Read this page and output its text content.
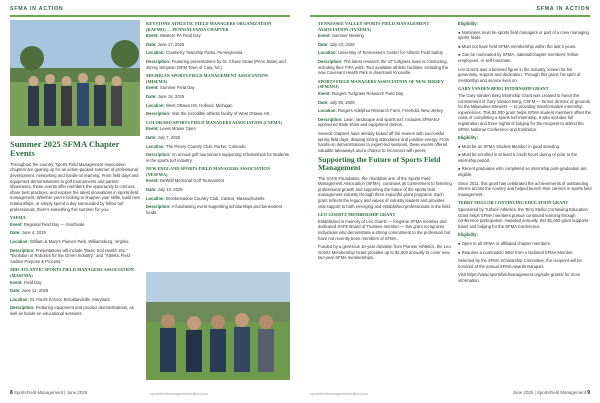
SFMA IN ACTION
Summer 2025 SFMA Chapter Events

Throughout the country, Sports Field Management Association chapters are gearing up for an action-packed summer of professional development, networking and hands-on learning. From field days and equipment demonstrations to golf tournaments and partner showcases, these events offer members the opportunity to connect, share best practices, and explore the latest innovations in sports field management. Whether you're looking to sharpen your skills, build new relationships, or simply spend a day surrounded by fellow turf professionals, there's something this summer for you.

VSFMA

Event: Regional Field Day — Southside

Date: June 4, 2025

Location: William & Mary's Plumeri Park, Williamsburg, Virginia

Description: Presentations will include "Basic Soil Health 101," "Evolution of Robotics for the Green Industry," and "Athletic Field Auditor Purpose & Process."

MID-ATLANTIC SPORTS FIELD MANAGERS ASSOCIATION (MASFMA)

Event: Field Day

Date: June 12, 2025

Location: St. Paul's School, Brooklandville, Maryland

Description: Featuring equipment and product demonstrations, as well as hands-on educational sessions.

KEYSTONE ATHLETIC FIELD MANAGERS ORGANIZATION (KAFMO) — PENNSYLVANIA CHAPTER

Event: Western PA Field Day

Date: June 17, 2025

Location: Cranberry Township Parks, Pennsylvania

Description: Featuring presentations by Dr. Chase Straw (Penn State) and Jimmy Simpson (SFM Town of Cary, NC).

MICHIGAN SPORTS FIELD MANAGEMENT ASSOCIATION (MISFMA)

Event: Summer Field Day

Date: June 18, 2025

Location: West Ottawa HS, Holland, Michigan

Description: Visit the incredible athletic facility of West Ottawa HS.

COLORADO SPORTS FIELD MANAGERS ASSOCIATION (CSFMA)

Event: Lewis Mower Open

Date: July 7, 2025

Location: The Pinery Country Club, Parker, Colorado

Description: An annual golf tournament supporting scholarships for students in the sports turf industry.

NEW ENGLAND SPORTS FIELD MANAGERS ASSOCIATION (NESFMA)

Event: DeWolf Memorial Golf Tournament

Date: July 10, 2025

Location: Brookmeadow Country Club, Canton, Massachusetts

Description: A fundraising event supporting scholarships and benevolent funds.

8 SportsField Management | June 2025	sportsfieldmanagementonline.com
SFMA IN ACTION
TENNESSEE VALLEY SPORTS FIELD MANAGEMENT ASSOCIATION (TVSFMA)

Event: Summer Meeting

Date: July 23, 2025

Location: University of Tennessee's Center for Athletic Field Safety

Description: The latest research the UT turfgrass team is conducting, including their FIFA work. Tour available athletic facilities, including the new Covenant Health Park in downtown Knoxville.

SPORTS FIELD MANAGERS ASSOCIATION OF NEW JERSEY (SFMANJ)

Event: Rutgers Turfgrass Research Field Day

Date: July 30, 2025

Location: Rutgers Adelphia Research Farm, Freehold, New Jersey

Description: Lawn, landscape and sports turf. Includes SFMANJ-sponsored trade show and equipment demos.

Several chapters have already kicked off the season with successful spring field days, drawing strong attendance and positive energy. From hands-on demonstrations to expert-led sessions, these events offered valuable takeaways and a chance to reconnect with peers.

Supporting the Future of Sports Field Management

The SAFE Foundation, the charitable arm of the Sports Field Management Association (SFMA), continues its commitment to fostering professional growth and supporting the future of the sports field management industry through three impactful grant programs. Each grant reflects the legacy and values of industry leaders and provides vital support to both emerging and established professionals in the field.

LEO GOERTZ MEMBERSHIP GRANT

Established in memory of Leo Goertz — longtime SFMA member and dedicated SAFE Board of Trustees member — this grant recognizes individuals who demonstrate a strong commitment to the profession but have not recently been members of SFMA.

Funded by a generous 10-year donation from Pioneer Athletics, the Leo Goertz Membership Grant provides up to $1,500 annually to cover new, two-year SFMA memberships.

Eligibility:

● Nominees must be sports field managers or part of a crew managing sports fields.

● Must not have held SFMA membership within the last 5 years.

● Can be nominated by SFMA, national/chapter members, fellow employees, or self-nominate.

Leo Goertz was a beloved figure in the industry, known for his generosity, support and dedication. Through this grant, his spirit of mentorship and service lives on.

GARY VANDEN BERG INTERNSHIP GRANT

The Gary Vanden Berg Internship Grant was created to honor the commitment of Gary Vanden Berg, CSFM — former director of grounds for the Milwaukee Brewers — to providing transformative internship experiences. This $1,000 grant helps SFMA student members offset the costs of completing a sports turf internship. It also includes full registration and three nights of lodging for the recipient to attend the SFMA National Conference and Exhibition.

Eligibility:

● Must be an SFMA Student Member in good standing.

● Must be enrolled in at least 6 credit hours during or prior to the internship period.

● Recent graduates who completed an internship post-graduation are eligible.

Since 2011, this grant has celebrated the achievements of outstanding interns across the country and helped launch their careers in sports field management.

TERRY MELLOR CONTINUING EDUCATION GRANT

Sponsored by Turface Athletics, the Terry Mellor Continuing Education Grant helps SFMA members pursue continued learning through conference participation. Awarded annually, this $1,000 grant supports travel and lodging for the SFMA Conference.

Eligibility:

● Open to all SFMA or affiliated chapter members.

● Requires a nomination letter from a National SFMA Member.

Selected by the SFMA Scholarship Committee, the recipient will be honored at the annual SFMA Awards Banquet.

Visit https://www.sportsfieldmanagement.org/safe-grants/ for more information.

sportsfieldmanagementonline.com	June 2025 | SportsField Management 9
